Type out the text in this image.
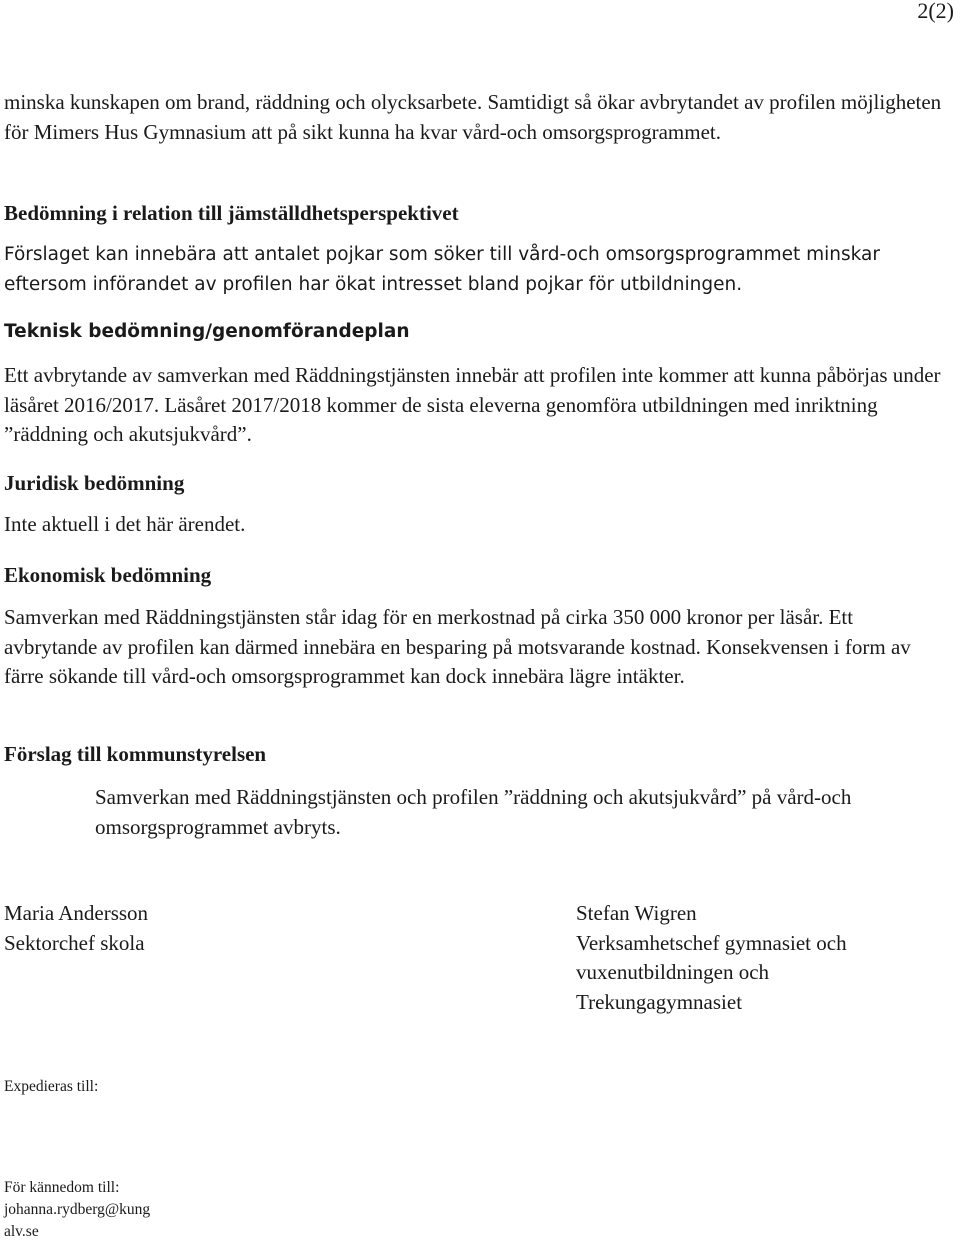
2(2)

minska kunskapen om brand, räddning och olycksarbete. Samtidigt så ökar avbrytandet av profilen möjligheten för Mimers Hus Gymnasium att på sikt kunna ha kvar vård-och omsorgsprogrammet.

Bedömning i relation till jämställdhetsperspektivet

Förslaget kan innebära att antalet pojkar som söker till vård-och omsorgsprogrammet minskar eftersom införandet av profilen har ökat intresset bland pojkar för utbildningen.

Teknisk bedömning/genomförandeplan

Ett avbrytande av samverkan med Räddningstjänsten innebär att profilen inte kommer att kunna påbörjas under läsåret 2016/2017. Läsåret 2017/2018 kommer de sista eleverna genomföra utbildningen med inriktning ”räddning och akutsjukvård”.

Juridisk bedömning

Inte aktuell i det här ärendet.

Ekonomisk bedömning

Samverkan med Räddningstjänsten står idag för en merkostnad på cirka 350 000 kronor per läsår. Ett avbrytande av profilen kan därmed innebära en besparing på motsvarande kostnad. Konsekvensen i form av färre sökande till vård-och omsorgsprogrammet kan dock innebära lägre intäkter.

Förslag till kommunstyrelsen

Samverkan med Räddningstjänsten och profilen ”räddning och akutsjukvård” på vård-och omsorgsprogrammet avbryts.

Maria Andersson
Sektorchef skola
Stefan Wigren
Verksamhetschef gymnasiet och
vuxenutbildningen och
Trekungagymnasiet
Expedieras till:
För kännedom till:
johanna.rydberg@kung
alv.se
